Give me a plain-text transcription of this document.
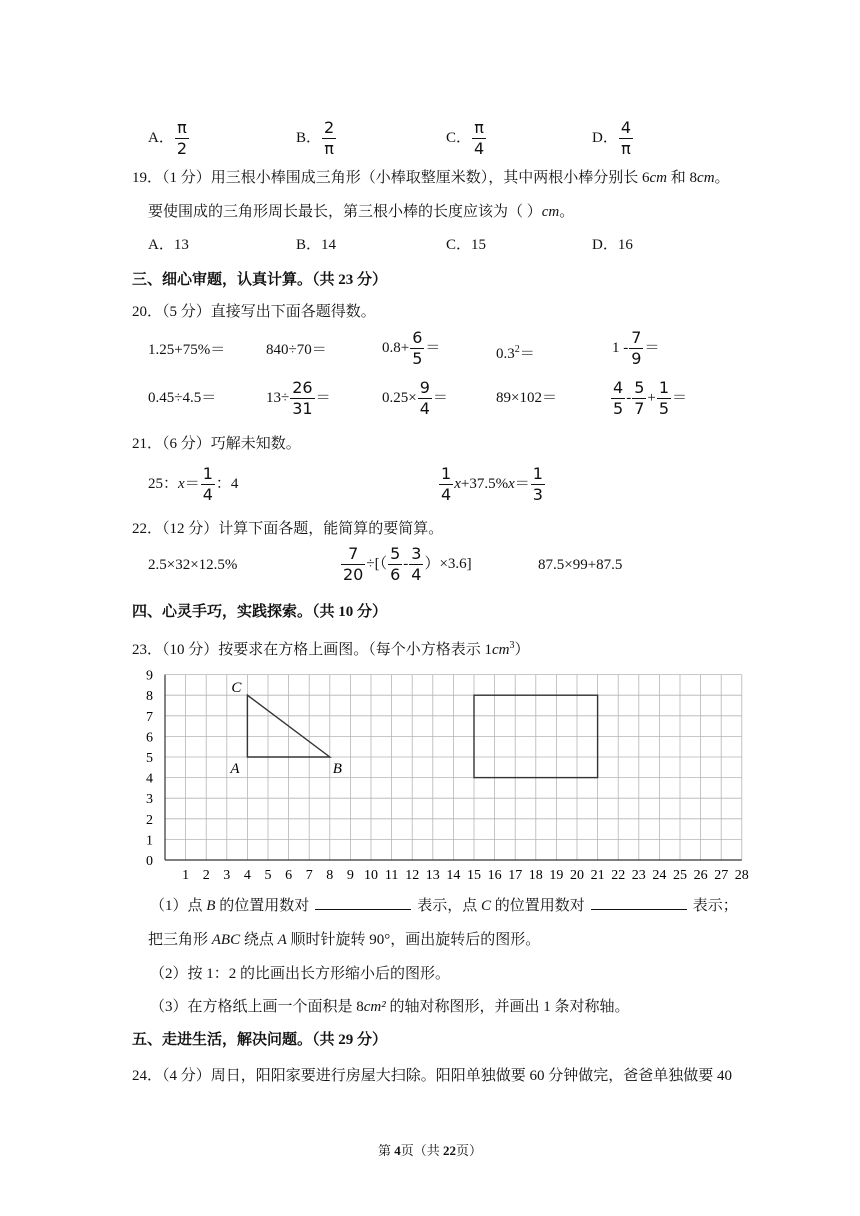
A． $\frac{\pi}{2}$	B． $\frac{2}{\pi}$	C． $\frac{\pi}{4}$	D． $\frac{4}{\pi}$
19．（1 分）用三根小棒围成三角形（小棒取整厘米数），其中两根小棒分别长 6cm 和 8cm。
要使围成的三角形周长最长，第三根小棒的长度应该为（ ）cm。
A．13	B．14	C．15	D．16
三、细心审题，认真计算。（共 23 分）
20．（5 分）直接写出下面各题得数。
1.25+75%＝	840÷70＝	$0.8+ \frac{6}{5}$ ＝	$0.3^2=$	$1 - \frac{7}{9}$ ＝
0.45÷4.5＝	$13\div \frac{26}{31}$ ＝	$0.25\times \frac{9}{4}$ ＝	89×102＝	$\frac{4}{5} - \frac{5}{7} + \frac{1}{5}$ ＝
21．（6 分）巧解未知数。
25：$x= \frac{1}{4}$ ：4	$\frac{1}{4} x+37.5\%x= \frac{1}{3}$
22．（12 分）计算下面各题，能简算的要简算。
2.5×32×12.5%	$\frac{7}{20}$ ÷[（ $\frac{5}{6} - \frac{3}{4} )\times 3.6$]	87.5×99+87.5
四、心灵手巧，实践探索。（共 10 分）
23．（10 分）按要求在方格上画图。（每个小方格表示 $1cm^3$）
1 2 3 4 5 6 7 8 9 10 11 12 13 14 15 16 17 18 19 20 21 22 23 24 25 26 27 28
0
1
2
3
4
5
6
7
8
9
A	B
C
（1）点 B 的位置用数对	表示，点 C 的位置用数对	表示；
把三角形 ABC 绕点 A 顺时针旋转 90°，画出旋转后的图形。
（2）按 1：2 的比画出长方形缩小后的图形。
（3）在方格纸上画一个面积是 8cm² 的轴对称图形，并画出 1 条对称轴。
五、走进生活，解决问题。（共 29 分）
24．（4 分）周日，阳阳家要进行房屋大扫除。阳阳单独做要 60 分钟做完，爸爸单独做要 40
第 4页（共 22页）
